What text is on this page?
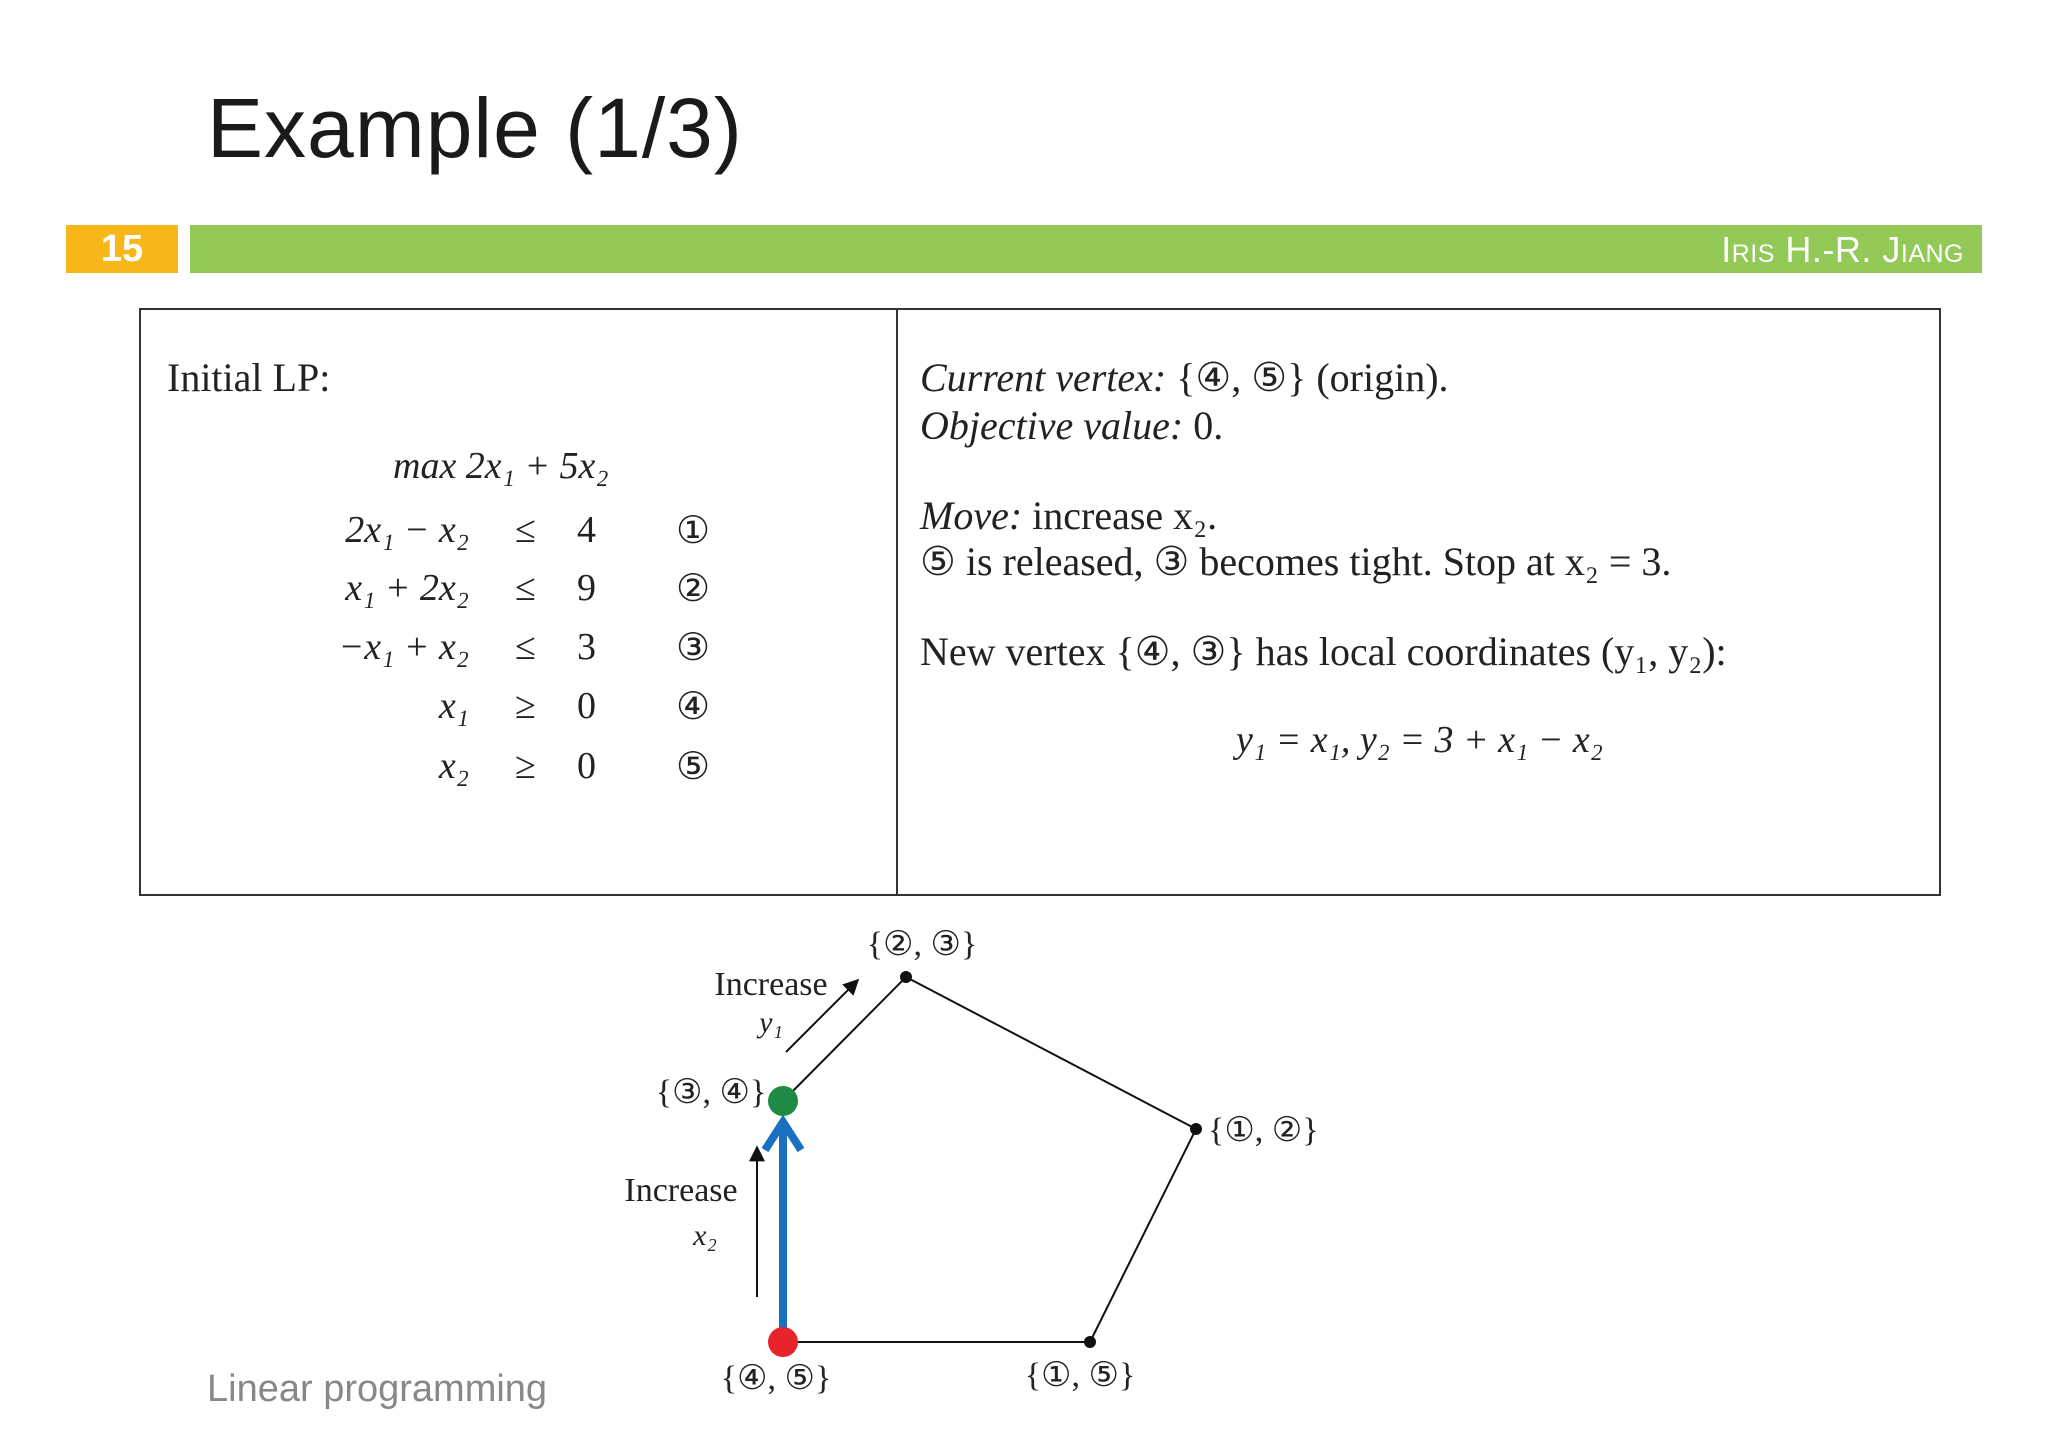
Example (1/3)
15	Iris H.-R. Jiang
Initial LP:
max 2x₁ + 5x₂
2x₁ − x₂ ≤ 4 ①
x₁ + 2x₂ ≤ 9 ②
−x₁ + x₂ ≤ 3 ③
x₁ ≥ 0 ④
x₂ ≥ 0 ⑤
Current vertex: {④, ⑤} (origin).
Objective value: 0.
Move: increase x₂.
⑤ is released, ③ becomes tight. Stop at x₂ = 3.
New vertex {④, ③} has local coordinates (y₁, y₂):
y₁ = x₁, y₂ = 3 + x₁ − x₂
{④, ⑤}	{①, ⑤}
{①, ②}
{②, ③}
{③, ④}
Increase
y₁
Increase
x₂
Linear programming
